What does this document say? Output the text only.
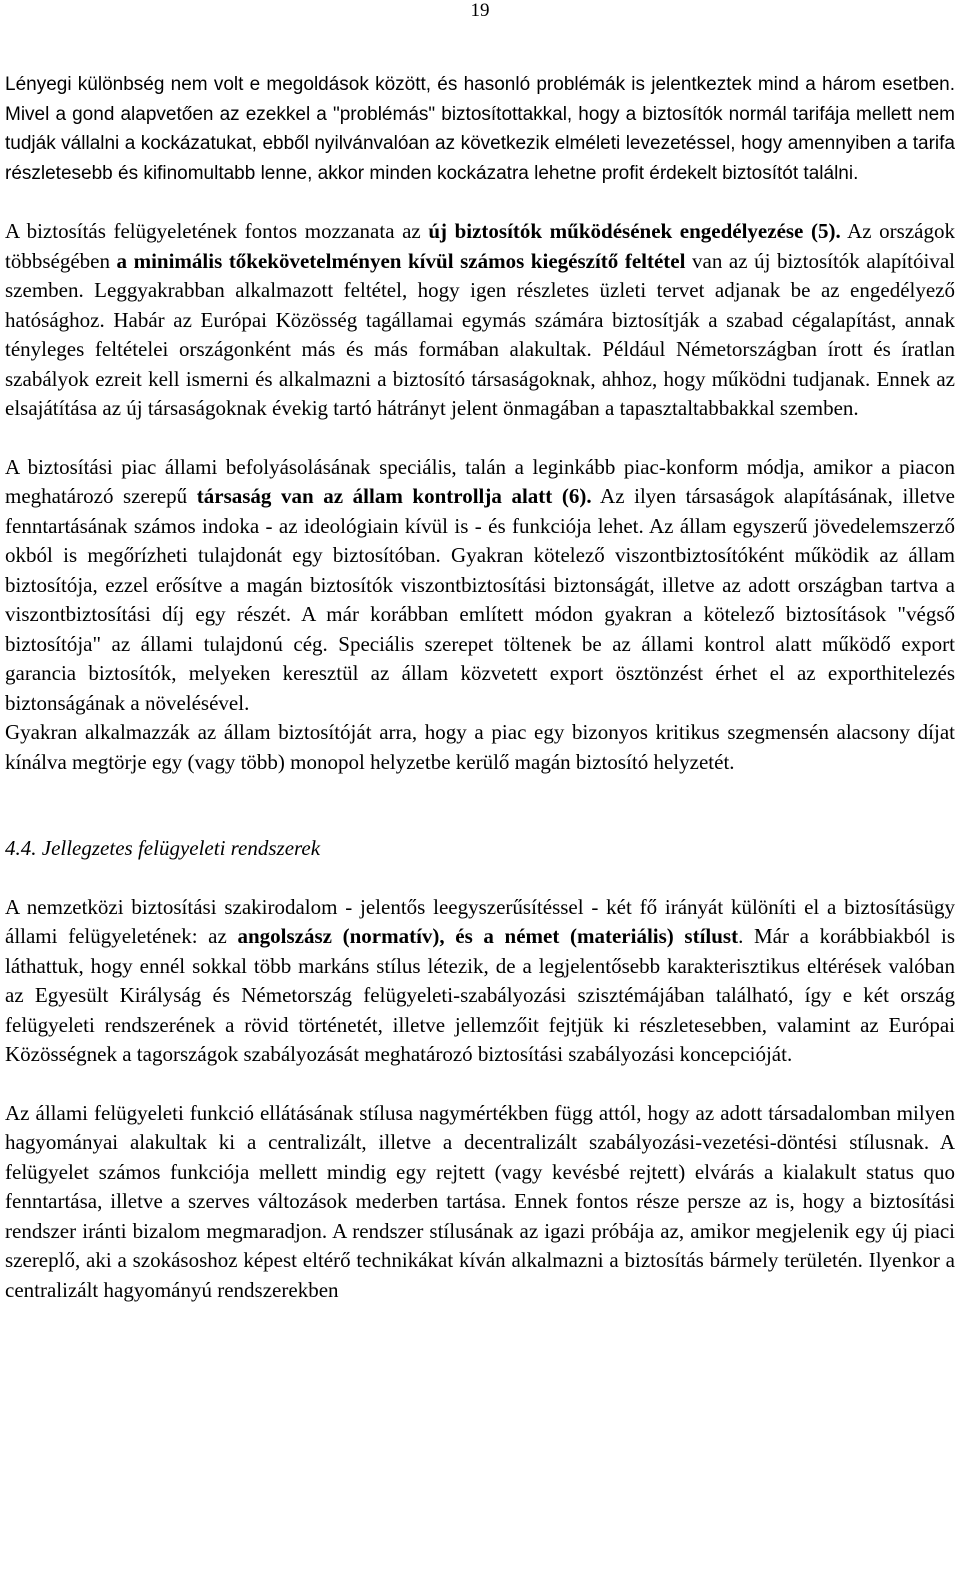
19

Lényegi különbség nem volt e megoldások között, és hasonló problémák is jelentkeztek mind a három esetben. Mivel a gond alapvetően az ezekkel a "problémás" biztosítottakkal, hogy a biztosítók normál tarifája mellett nem tudják vállalni a kockázatukat, ebből nyilvánvalóan az következik elméleti levezetéssel, hogy amennyiben a tarifa részletesebb és kifinomultabb lenne, akkor minden kockázatra lehetne profit érdekelt biztosítót találni.

A biztosítás felügyeletének fontos mozzanata az új biztosítók működésének engedélyezése (5). Az országok többségében a minimális tőkekövetelményen kívül számos kiegészítő feltétel van az új biztosítók alapítóival szemben. Leggyakrabban alkalmazott feltétel, hogy igen részletes üzleti tervet adjanak be az engedélyező hatósághoz. Habár az Európai Közösség tagállamai egymás számára biztosítják a szabad cégalapítást, annak tényleges feltételei országonként más és más formában alakultak. Például Németországban írott és íratlan szabályok ezreit kell ismerni és alkalmazni a biztosító társaságoknak, ahhoz, hogy működni tudjanak. Ennek az elsajátítása az új társaságoknak évekig tartó hátrányt jelent önmagában a tapasztaltabbakkal szemben.

A biztosítási piac állami befolyásolásának speciális, talán a leginkább piac-konform módja, amikor a piacon meghatározó szerepű társaság van az állam kontrollja alatt (6). Az ilyen társaságok alapításának, illetve fenntartásának számos indoka - az ideológiain kívül is - és funkciója lehet. Az állam egyszerű jövedelemszerző okból is megőrízheti tulajdonát egy biztosítóban. Gyakran kötelező viszontbiztosítóként működik az állam biztosítója, ezzel erősítve a magán biztosítók viszontbiztosítási biztonságát, illetve az adott országban tartva a viszontbiztosítási díj egy részét. A már korábban említett módon gyakran a kötelező biztosítások "végső biztosítója" az állami tulajdonú cég. Speciális szerepet töltenek be az állami kontrol alatt működő export garancia biztosítók, melyeken keresztül az állam közvetett export ösztönzést érhet el az exporthitelezés biztonságának a növelésével.

Gyakran alkalmazzák az állam biztosítóját arra, hogy a piac egy bizonyos kritikus szegmensén alacsony díjat kínálva megtörje egy (vagy több) monopol helyzetbe kerülő magán biztosító helyzetét.

4.4. Jellegzetes felügyeleti rendszerek

A nemzetközi biztosítási szakirodalom - jelentős leegyszerűsítéssel - két fő irányát különíti el a biztosításügy állami felügyeletének: az angolszász (normatív), és a német (materiális) stílust. Már a korábbiakból is láthattuk, hogy ennél sokkal több markáns stílus létezik, de a legjelentősebb karakterisztikus eltérések valóban az Egyesült Királyság és Németország felügyeleti-szabályozási szisztémájában található, így e két ország felügyeleti rendszerének a rövid történetét, illetve jellemzőit fejtjük ki részletesebben, valamint az Európai Közösségnek a tagországok szabályozását meghatározó biztosítási szabályozási koncepcióját.

Az állami felügyeleti funkció ellátásának stílusa nagymértékben függ attól, hogy az adott társadalomban milyen hagyományai alakultak ki a centralizált, illetve a decentralizált szabályozási-vezetési-döntési stílusnak. A felügyelet számos funkciója mellett mindig egy rejtett (vagy kevésbé rejtett) elvárás a kialakult status quo fenntartása, illetve a szerves változások mederben tartása. Ennek fontos része persze az is, hogy a biztosítási rendszer iránti bizalom megmaradjon. A rendszer stílusának az igazi próbája az, amikor megjelenik egy új piaci szereplő, aki a szokásoshoz képest eltérő technikákat kíván alkalmazni a biztosítás bármely területén. Ilyenkor a centralizált hagyományú rendszerekben
